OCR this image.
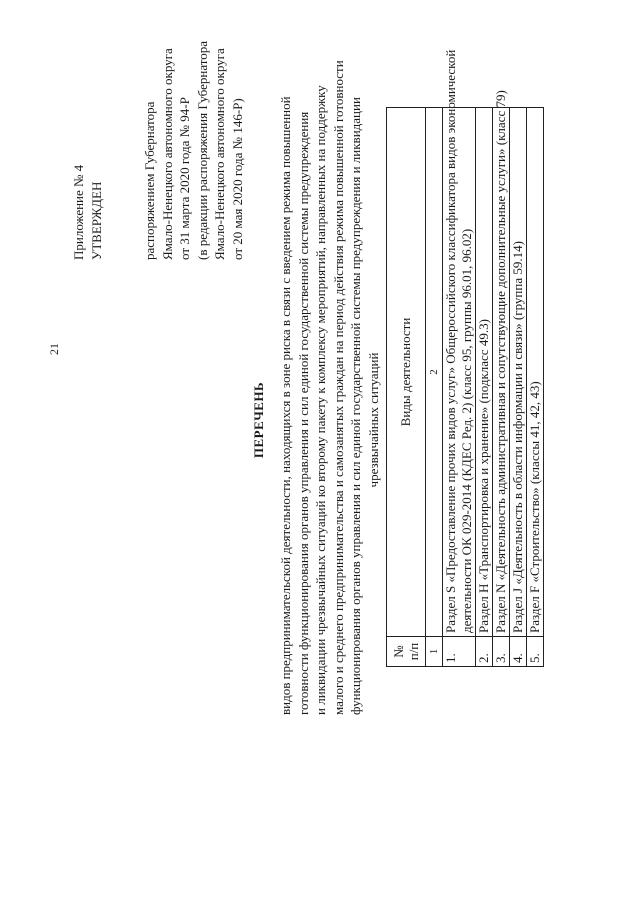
21
Приложение № 4 УТВЕРЖДЕН	распоряжением Губернатора Ямало-Ненецкого автономного округа от 31 марта 2020 года № 94-Р (в редакции распоряжения Губернатора Ямало-Ненецкого автономного округа от 20 мая 2020 года № 146-Р)
ПЕРЕЧЕНЬ видов предпринимательской деятельности, находящихся в зоне риска в связи с введением режима повышенной готовности функционирования органов управления и сил единой государственной системы предупреждения и ликвидации чрезвычайных ситуаций ко второму пакету к комплексу мероприятий, направленных на поддержку малого и среднего предпринимательства и самозанятых граждан на период действия режима повышенной готовности функционирования органов управления и сил единой государственной системы предупреждения и ликвидации чрезвычайных ситуаций
№ п/п	Виды деятельности
1	2
1.	Раздел S «Предоставление прочих видов услуг» Общероссийского классификатора видов экономической деятельности ОК 029-2014 (КДЕС Ред. 2) (класс 95, группы 96.01, 96.02)

2.	Раздел H «Транспортировка и хранение» (подкласс 49.3)

3.	Раздел N «Деятельность административная и сопутствующие дополнительные услуги» (класс 79)

4.	Раздел J «Деятельность в области информации и связи» (группа 59.14)

5.	Раздел F «Строительство» (классы 41, 42, 43)
